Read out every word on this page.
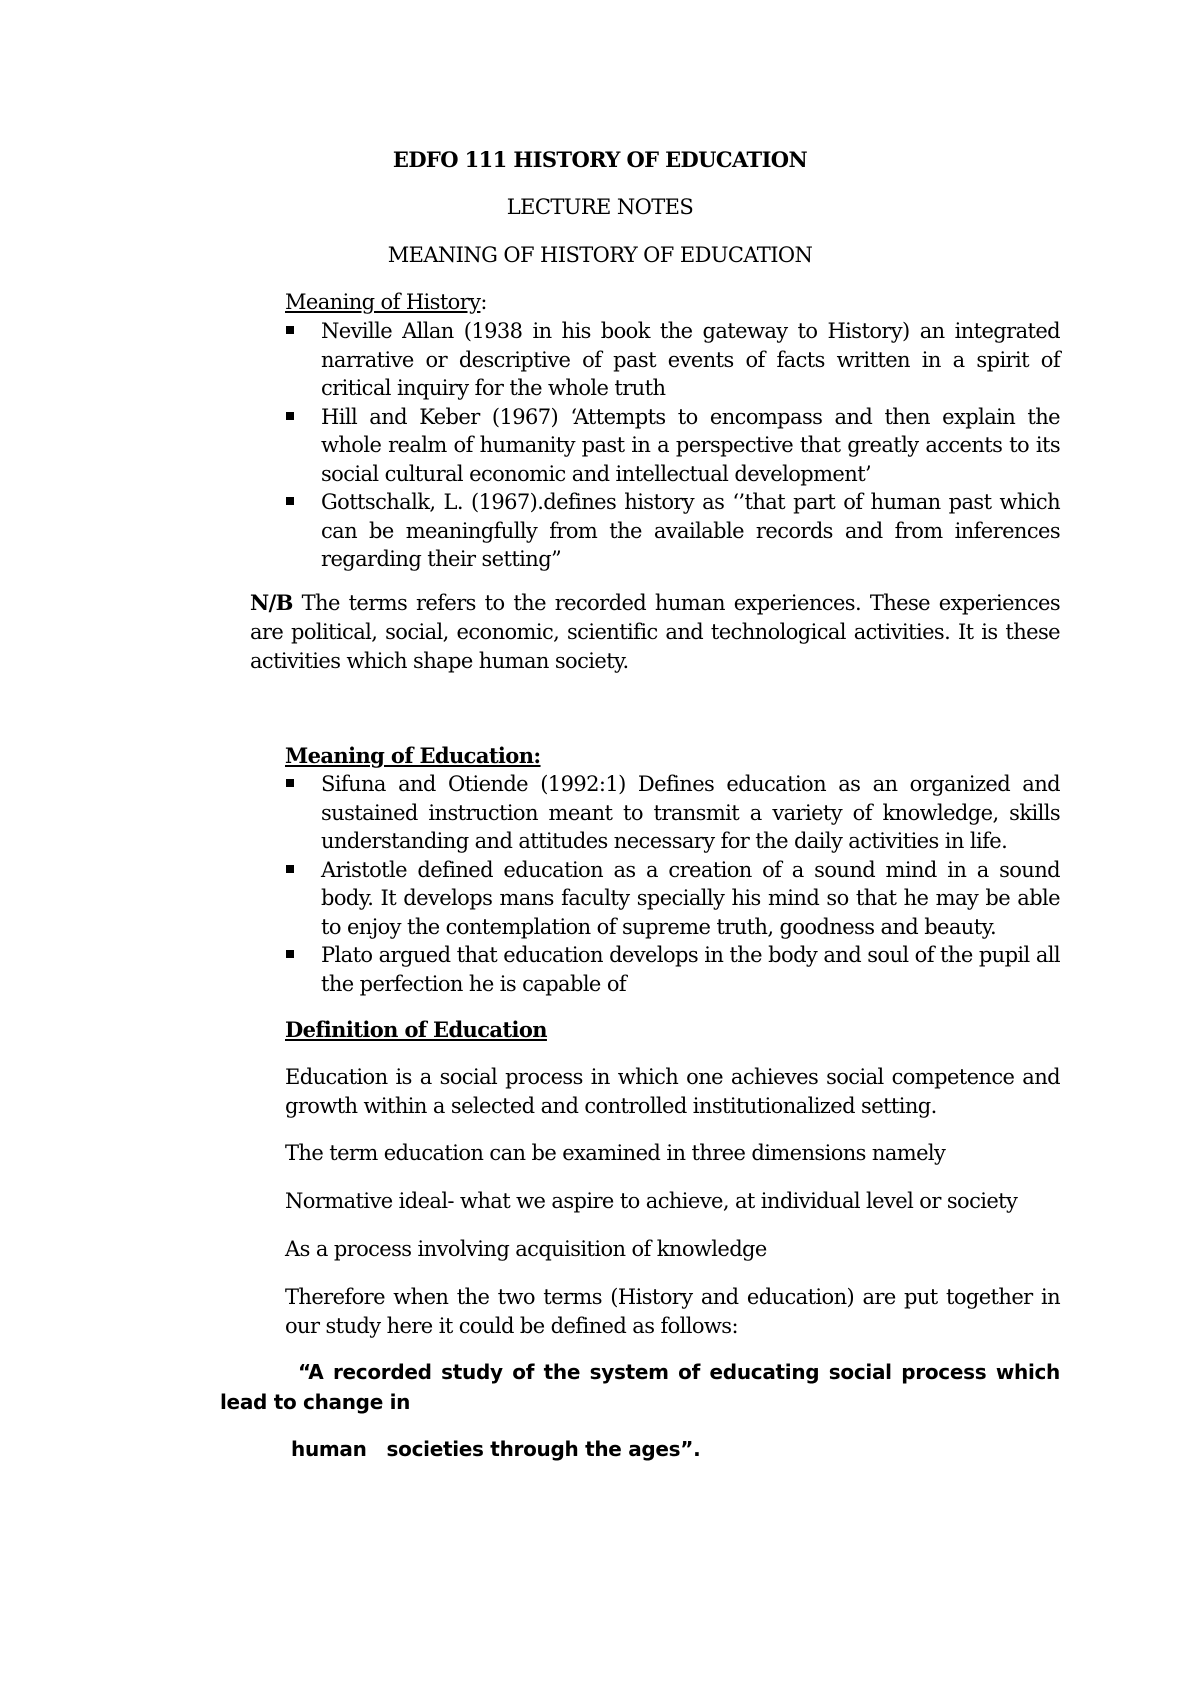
EDFO 111 HISTORY OF EDUCATION

LECTURE NOTES

MEANING OF HISTORY OF EDUCATION

Meaning of History:

Neville Allan (1938 in his book the gateway to History) an integrated narrative or descriptive of past events of facts written in a spirit of critical inquiry for the whole truth
Hill and Keber (1967) ‘Attempts to encompass and then explain the whole realm of humanity past in a perspective that greatly accents to its social cultural economic and intellectual development’
Gottschalk, L. (1967).defines history as ‘’that part of human past which can be meaningfully from the available records and from inferences regarding their setting”

N/B The terms refers to the recorded human experiences. These experiences are political, social, economic, scientific and technological activities. It is these activities which shape human society.

Meaning of Education:

Sifuna and Otiende (1992:1) Defines education as an organized and sustained instruction meant to transmit a variety of knowledge, skills understanding and attitudes necessary for the daily activities in life.
Aristotle defined education as a creation of a sound mind in a sound body. It develops mans faculty specially his mind so that he may be able to enjoy the contemplation of supreme truth, goodness and beauty.
Plato argued that education develops in the body and soul of the pupil all the perfection he is capable of

Definition of Education

Education is a social process in which one achieves social competence and growth within a selected and controlled institutionalized setting.

The term education can be examined in three dimensions namely

Normative ideal- what we aspire to achieve, at individual level or society

As a process involving acquisition of knowledge

Therefore when the two terms (History and education) are put together in our study here it could be defined as follows:

“A recorded study of the system of educating social process which lead to change in

human   societies through the ages”.
